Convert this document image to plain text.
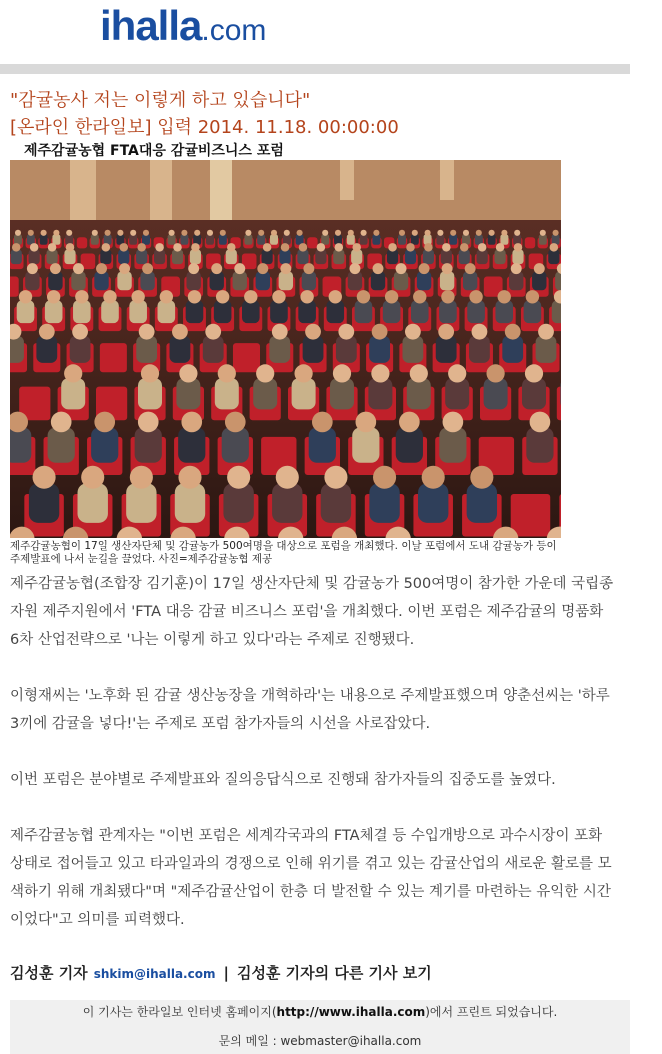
ihalla.com
"감귤농사 저는 이렇게 하고 있습니다"
[온라인 한라일보] 입력 2014. 11.18. 00:00:00
제주감귤농협 FTA대응 감귤비즈니스 포럼
제주감귤농협이 17일 생산자단체 및 감귤농가 500여명을 대상으로 포럼을 개최했다. 이날 포럼에서 도내 감귤농가 등이 주제발표에 나서 눈길을 끌었다. 사진=제주감귤농협 제공

제주감귤농협(조합장 김기훈)이 17일 생산자단체 및 감귤농가 500여명이 참가한 가운데 국립종자원 제주지원에서 'FTA 대응 감귤 비즈니스 포럼'을 개최했다. 이번 포럼은 제주감귤의 명품화 6차 산업전략으로 '나는 이렇게 하고 있다'라는 주제로 진행됐다.

이형재씨는 '노후화 된 감귤 생산농장을 개혁하라'는 내용으로 주제발표했으며 양춘선씨는 '하루 3끼에 감귤을 넣다!'는 주제로 포럼 참가자들의 시선을 사로잡았다.

이번 포럼은 분야별로 주제발표와 질의응답식으로 진행돼 참가자들의 집중도를 높였다.

제주감귤농협 관계자는 "이번 포럼은 세계각국과의 FTA체결 등 수입개방으로 과수시장이 포화상태로 접어들고 있고 타과일과의 경쟁으로 인해 위기를 겪고 있는 감귤산업의 새로운 활로를 모색하기 위해 개최됐다"며 "제주감귤산업이 한층 더 발전할 수 있는 계기를 마련하는 유익한 시간이었다"고 의미를 피력했다.

김성훈 기자 shkim@ihalla.com | 김성훈 기자의 다른 기사 보기
이 기사는 한라일보 인터넷 홈페이지(http://www.ihalla.com)에서 프린트 되었습니다.
문의 메일 : webmaster@ihalla.com
